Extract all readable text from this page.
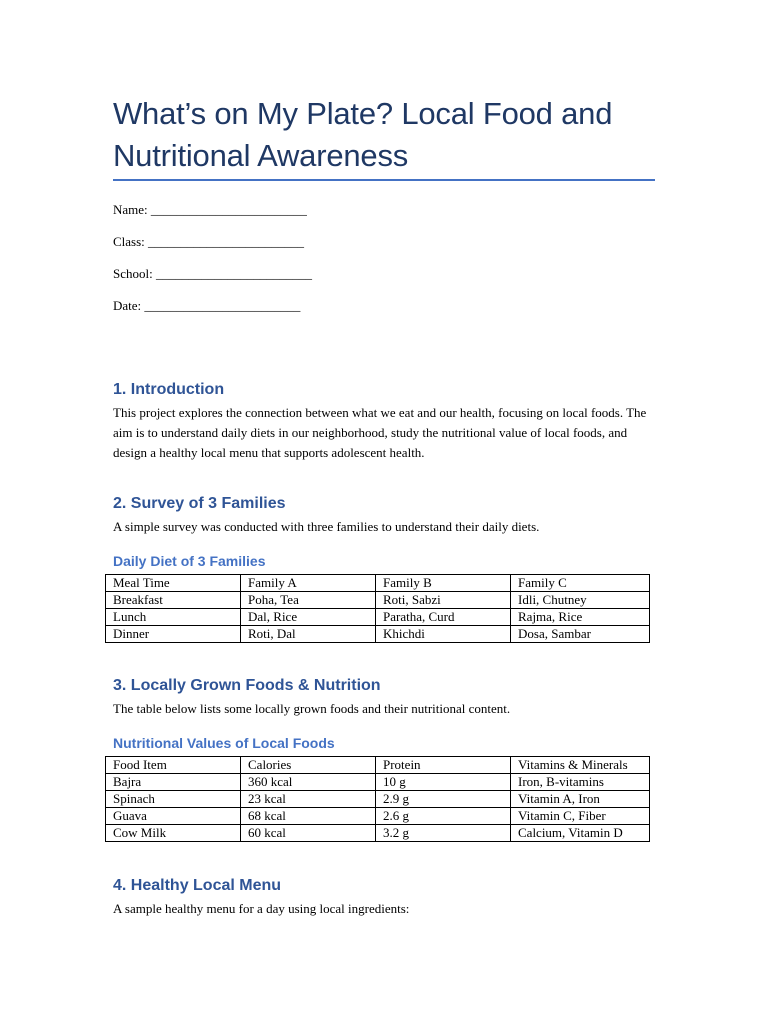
What’s on My Plate? Local Food and Nutritional Awareness
Name: ________________________
Class: ________________________
School: ________________________
Date: ________________________
1. Introduction

This project explores the connection between what we eat and our health, focusing on local foods. The aim is to understand daily diets in our neighborhood, study the nutritional value of local foods, and design a healthy local menu that supports adolescent health.

2. Survey of 3 Families

A simple survey was conducted with three families to understand their daily diets.

Daily Diet of 3 Families
Meal Time	Family A	Family B	Family C
Breakfast	Poha, Tea	Roti, Sabzi	Idli, Chutney
Lunch	Dal, Rice	Paratha, Curd	Rajma, Rice
Dinner	Roti, Dal	Khichdi	Dosa, Sambar
3. Locally Grown Foods & Nutrition

The table below lists some locally grown foods and their nutritional content.

Nutritional Values of Local Foods
Food Item	Calories	Protein	Vitamins & Minerals
Bajra	360 kcal	10 g	Iron, B-vitamins
Spinach	23 kcal	2.9 g	Vitamin A, Iron
Guava	68 kcal	2.6 g	Vitamin C, Fiber
Cow Milk	60 kcal	3.2 g	Calcium, Vitamin D
4. Healthy Local Menu

A sample healthy menu for a day using local ingredients:
